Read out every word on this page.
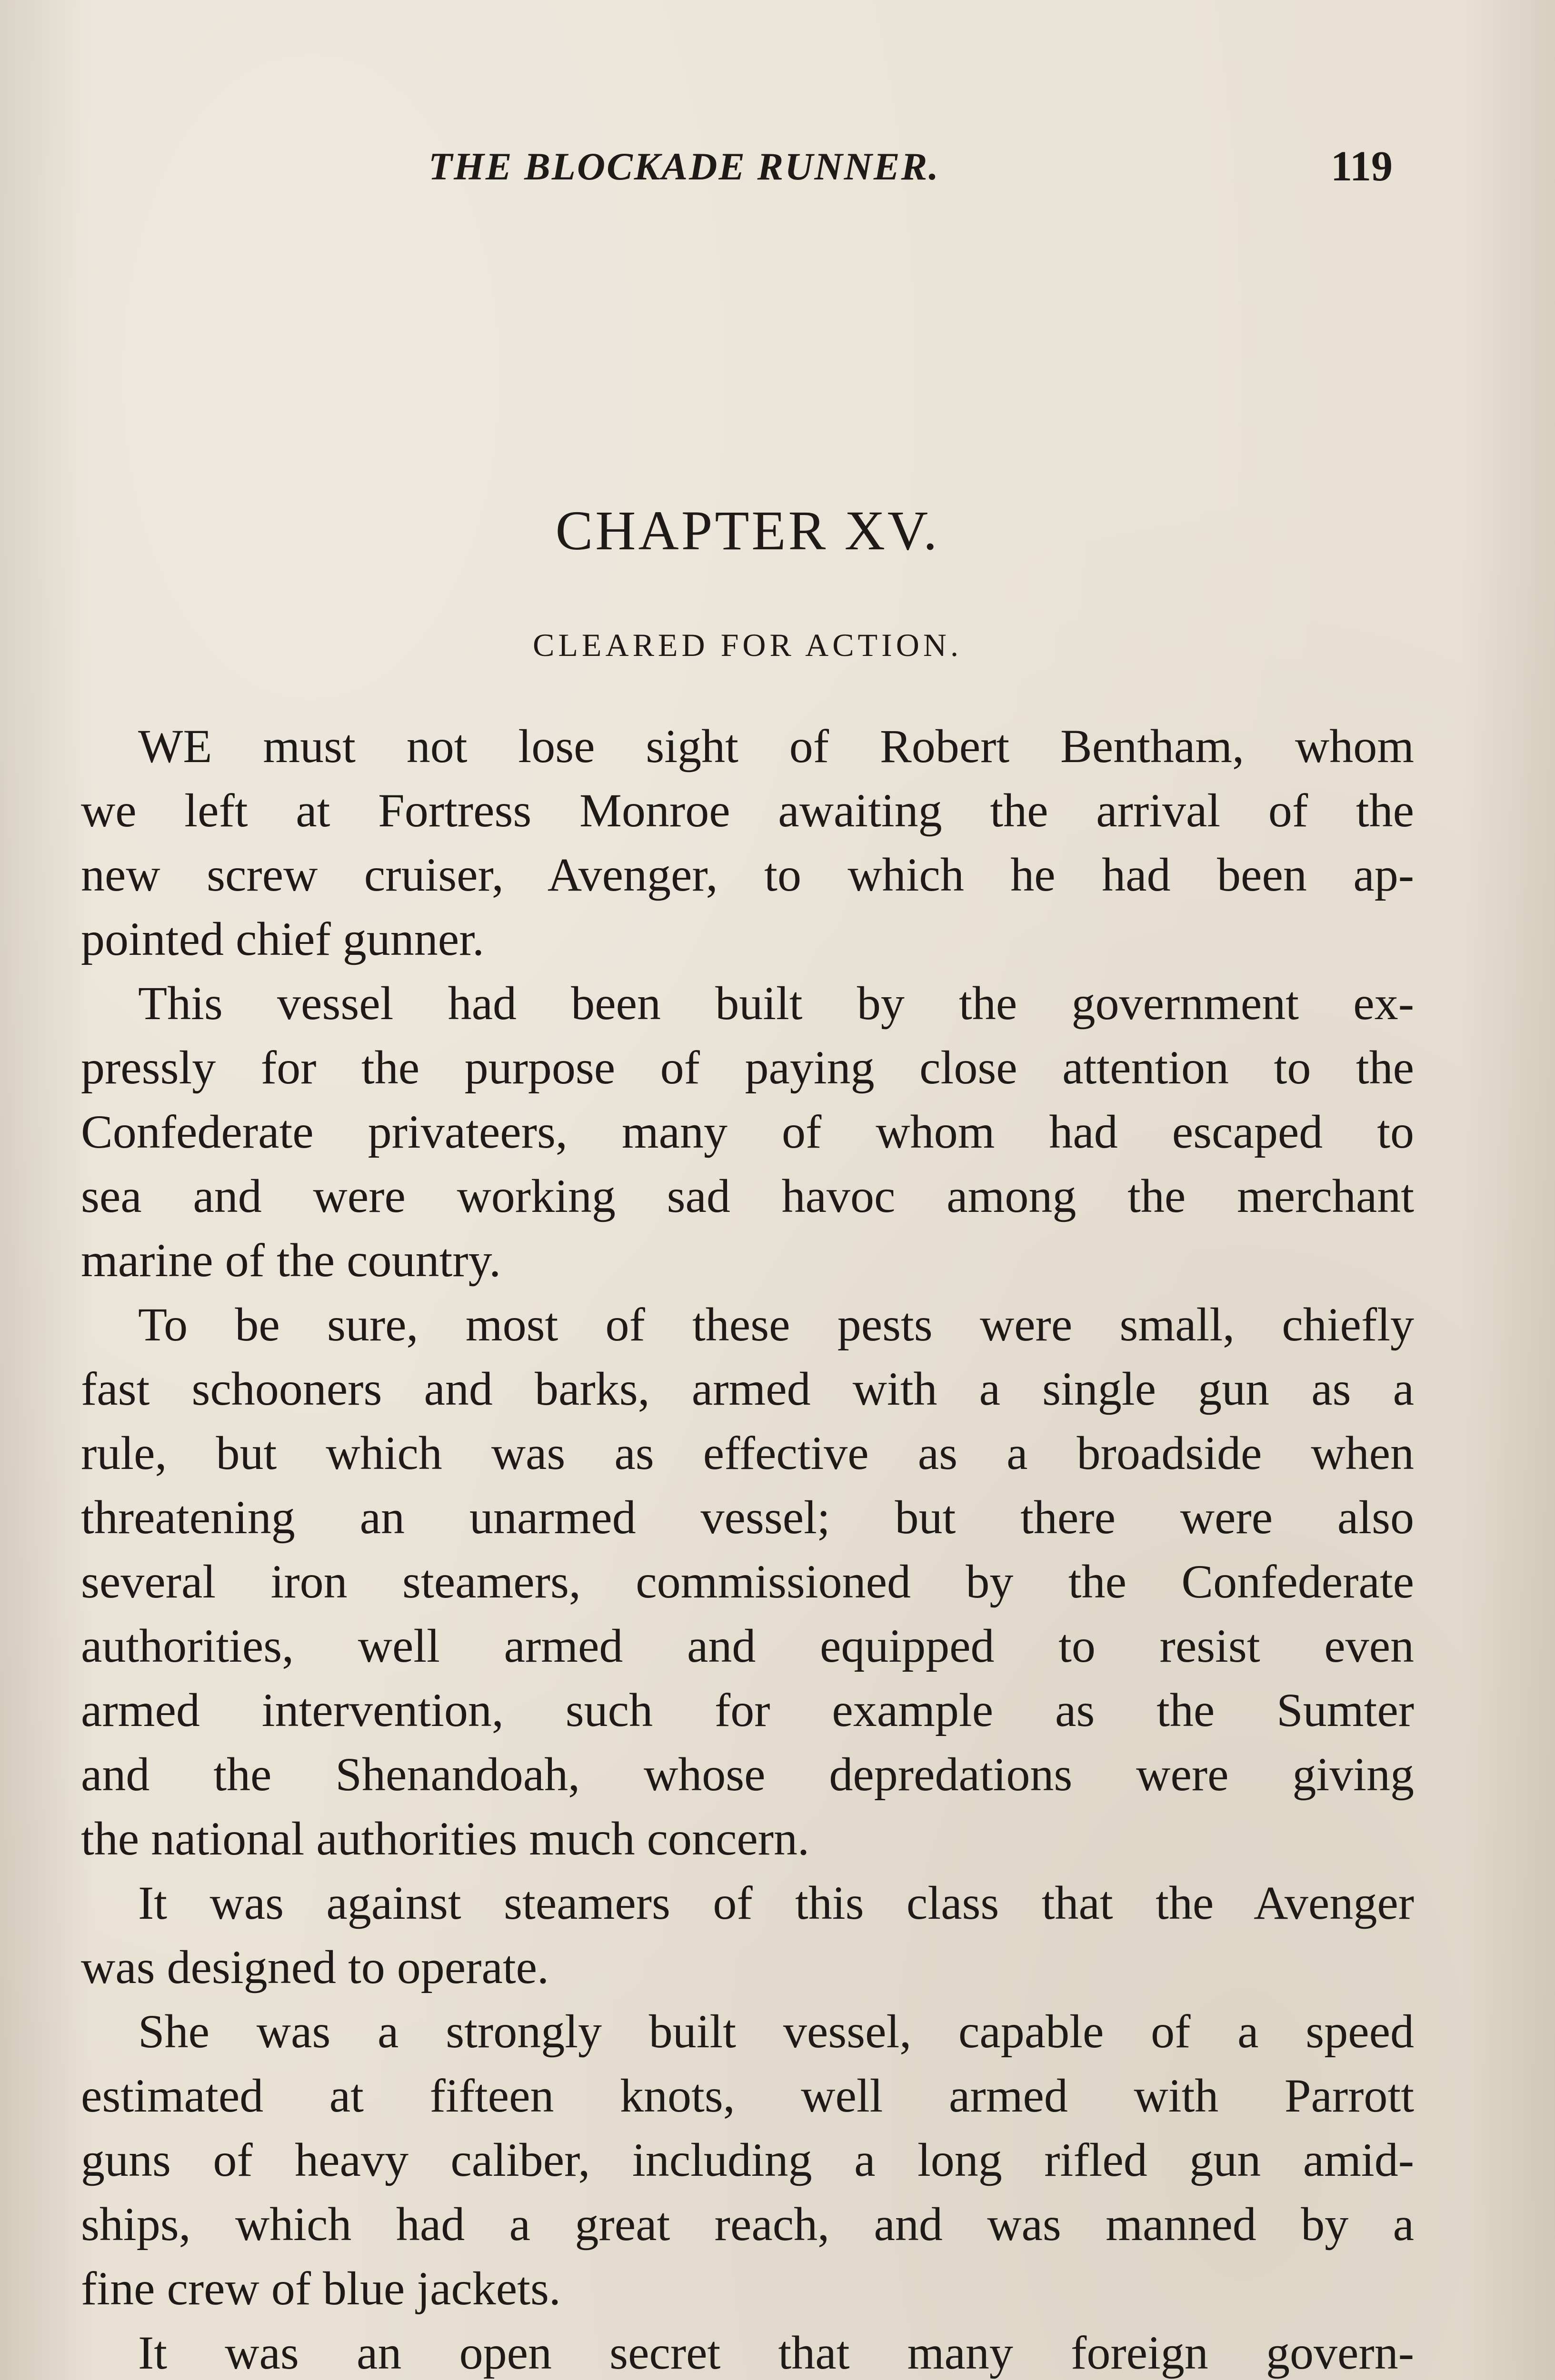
THE BLOCKADE RUNNER.	119
CHAPTER XV.
CLEARED FOR ACTION.
WE must not lose sight of Robert Bentham, whom
we left at Fortress Monroe awaiting the arrival of the
new screw cruiser, Avenger, to which he had been ap-
pointed chief gunner.
This vessel had been built by the government ex-
pressly for the purpose of paying close attention to the
Confederate privateers, many of whom had escaped to
sea and were working sad havoc among the merchant
marine of the country.
To be sure, most of these pests were small, chiefly
fast schooners and barks, armed with a single gun as a
rule, but which was as effective as a broadside when
threatening an unarmed vessel; but there were also
several iron steamers, commissioned by the Confederate
authorities, well armed and equipped to resist even
armed intervention, such for example as the Sumter
and the Shenandoah, whose depredations were giving
the national authorities much concern.
It was against steamers of this class that the Avenger
was designed to operate.
She was a strongly built vessel, capable of a speed
estimated at fifteen knots, well armed with Parrott
guns of heavy caliber, including a long rifled gun amid-
ships, which had a great reach, and was manned by a
fine crew of blue jackets.
It was an open secret that many foreign govern-
